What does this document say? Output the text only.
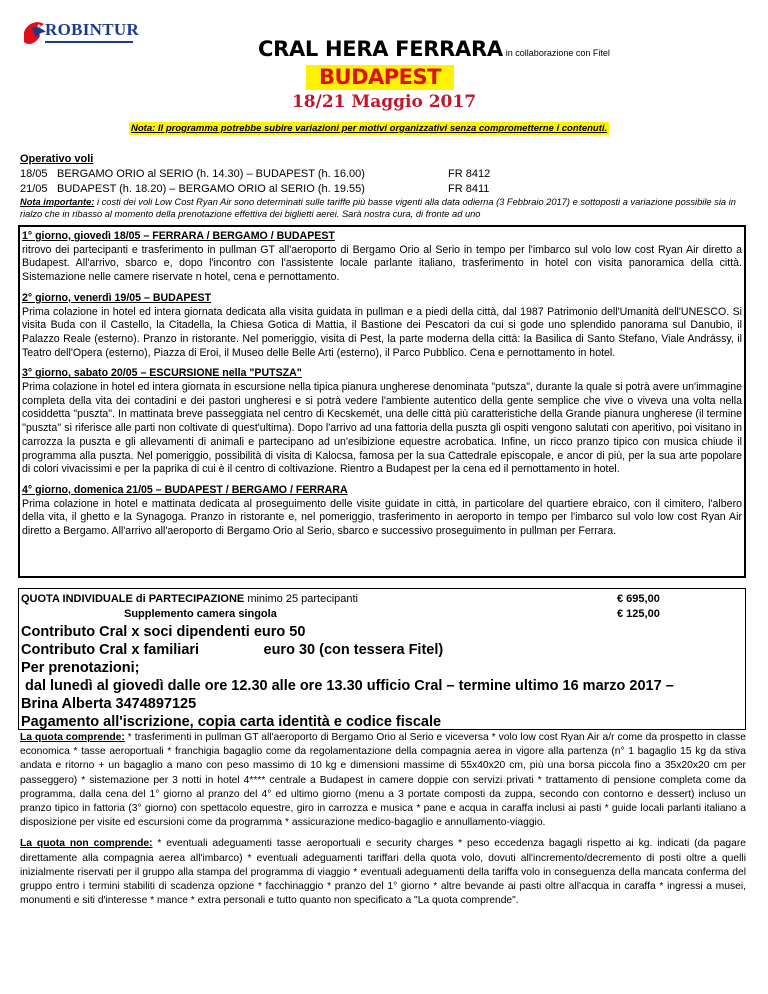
ROBINTUR
CRAL HERA FERRARA in collaborazione con Fitel
BUDAPEST
18/21 Maggio 2017
Nota: Il programma potrebbe subire variazioni per motivi organizzativi senza comprometterne i contenuti.
Operativo voli
18/05 BERGAMO ORIO al SERIO (h. 14.30) – BUDAPEST (h. 16.00)	FR 8412
21/05 BUDAPEST (h. 18.20) – BERGAMO ORIO al SERIO (h. 19.55)	FR 8411
Nota importante: i costi dei voli Low Cost Ryan Air sono determinati sulle tariffe più basse vigenti alla data odierna (3 Febbraio 2017) e sottoposti a variazione possibile sia in rialzo che in ribasso al momento della prenotazione effettiva dei biglietti aerei. Sarà nostra cura, di fronte ad uno
1° giorno, giovedì 18/05 – FERRARA / BERGAMO / BUDAPEST
ritrovo dei partecipanti e trasferimento in pullman GT all'aeroporto di Bergamo Orio al Serio in tempo per l'imbarco sul volo low cost Ryan Air diretto a Budapest. All'arrivo, sbarco e, dopo l'incontro con l'assistente locale parlante italiano, trasferimento in hotel con visita panoramica della città. Sistemazione nelle camere riservate n hotel, cena e pernottamento.
2° giorno, venerdì 19/05 – BUDAPEST
Prima colazione in hotel ed intera giornata dedicata alla visita guidata in pullman e a piedi della città, dal 1987 Patrimonio dell'Umanità dell'UNESCO. Si visita Buda con il Castello, la Citadella, la Chiesa Gotica di Mattia, il Bastione dei Pescatori da cui si gode uno splendido panorama sul Danubio, il Palazzo Reale (esterno). Pranzo in ristorante. Nel pomeriggio, visita di Pest, la parte moderna della città: la Basilica di Santo Stefano, Viale Andrássy, il Teatro dell'Opera (esterno), Piazza di Eroi, il Museo delle Belle Arti (esterno), il Parco Pubblico. Cena e pernottamento in hotel.
3° giorno, sabato 20/05 – ESCURSIONE nella "PUTSZA"
Prima colazione in hotel ed intera giornata in escursione nella tipica pianura ungherese denominata "putsza", durante la quale si potrà avere un'immagine completa della vita dei contadini e dei pastori ungheresi e si potrà vedere l'ambiente autentico della gente semplice che vive o viveva una volta nella cosiddetta "puszta". In mattinata breve passeggiata nel centro di Kecskemét, una delle città più caratteristiche della Grande pianura ungherese (il termine ''puszta'' si riferisce alle parti non coltivate di quest'ultima). Dopo l'arrivo ad una fattoria della puszta gli ospiti vengono salutati con aperitivo, poi visitano in carrozza la puszta e gli allevamenti di animali e partecipano ad un'esibizione equestre acrobatica. Infine, un ricco pranzo tipico con musica chiude il programma alla puszta. Nel pomeriggio, possibilità di visita di Kalocsa, famosa per la sua Cattedrale episcopale, e ancor di più, per la sua arte popolare di colori vivacissimi e per la paprika di cui è il centro di coltivazione. Rientro a Budapest per la cena ed il pernottamento in hotel.
4° giorno, domenica 21/05 – BUDAPEST / BERGAMO / FERRARA
Prima colazione in hotel e mattinata dedicata al proseguimento delle visite guidate in città, in particolare del quartiere ebraico, con il cimitero, l'albero della vita, il ghetto e la Synagoga. Pranzo in ristorante e, nel pomeriggio, trasferimento in aeroporto in tempo per l'imbarco sul volo low cost Ryan Air diretto a Bergamo. All'arrivo all'aeroporto di Bergamo Orio al Serio, sbarco e successivo proseguimento in pullman per Ferrara.
QUOTA INDIVIDUALE di PARTECIPAZIONE minimo 25 partecipanti	€ 695,00
Supplemento camera singola	€ 125,00
Contributo Cral x soci dipendenti euro 50
Contributo Cral x familiari                euro 30 (con tessera Fitel)
Per prenotazioni;
dal lunedì al giovedì dalle ore 12.30 alle ore 13.30 ufficio Cral – termine ultimo 16 marzo 2017 –
Brina Alberta 3474897125
Pagamento all'iscrizione, copia carta identità e codice fiscale

La quota comprende: * trasferimenti in pullman GT all'aeroporto di Bergamo Orio al Serio e viceversa * volo low cost Ryan Air a/r come da prospetto in classe economica * tasse aeroportuali * franchigia bagaglio come da regolamentazione della compagnia aerea in vigore alla partenza (n° 1 bagaglio 15 kg da stiva andata e ritorno + un bagaglio a mano con peso massimo di 10 kg e dimensioni massime di 55x40x20 cm, più una borsa piccola fino a 35x20x20 cm per passeggero) * sistemazione per 3 notti in hotel 4**** centrale a Budapest in camere doppie con servizi privati * trattamento di pensione completa come da programma, dalla cena del 1° giorno al pranzo del 4° ed ultimo giorno (menu a 3 portate composti da zuppa, secondo con contorno e dessert) incluso un pranzo tipico in fattoria (3° giorno) con spettacolo equestre, giro in carrozza e musica * pane e acqua in caraffa inclusi ai pasti * guide locali parlanti italiano a disposizione per visite ed escursioni come da programma * assicurazione medico-bagaglio e annullamento-viaggio.

La quota non comprende: * eventuali adeguamenti tasse aeroportuali e security charges * peso eccedenza bagagli rispetto ai kg. indicati (da pagare direttamente alla compagnia aerea all'imbarco) * eventuali adeguamenti tariffari della quota volo, dovuti all'incremento/decremento di posti oltre a quelli inizialmente riservati per il gruppo alla stampa del programma di viaggio * eventuali adeguamenti della tariffa volo in conseguenza della mancata conferma del gruppo entro i termini stabiliti di scadenza opzione * facchinaggio * pranzo del 1° giorno * altre bevande ai pasti oltre all'acqua in caraffa * ingressi a musei, monumenti e siti d'interesse * mance * extra personali e tutto quanto non specificato a "La quota comprende".
